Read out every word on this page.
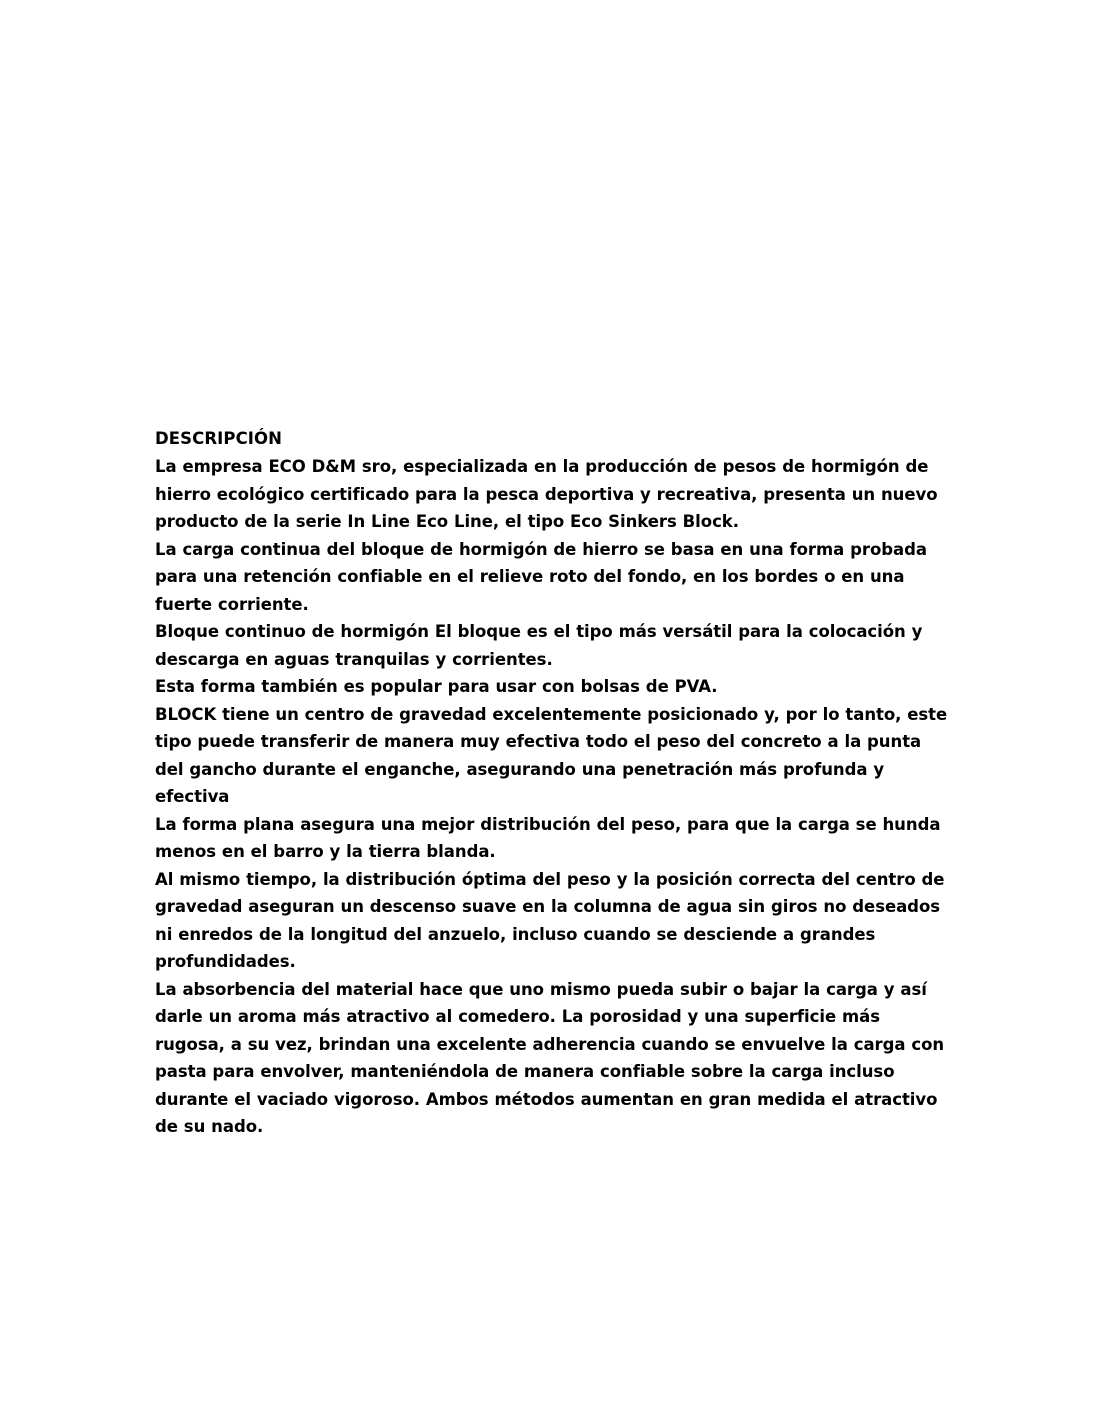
DESCRIPCIÓN

La empresa ECO D&M sro, especializada en la producción de pesos de hormigón de hierro ecológico certificado para la pesca deportiva y recreativa, presenta un nuevo producto de la serie In Line Eco Line, el tipo Eco Sinkers Block.

La carga continua del bloque de hormigón de hierro se basa en una forma probada para una retención confiable en el relieve roto del fondo, en los bordes o en una fuerte corriente.

Bloque continuo de hormigón El bloque es el tipo más versátil para la colocación y descarga en aguas tranquilas y corrientes.

Esta forma también es popular para usar con bolsas de PVA.

BLOCK tiene un centro de gravedad excelentemente posicionado y, por lo tanto, este tipo puede transferir de manera muy efectiva todo el peso del concreto a la punta del gancho durante el enganche, asegurando una penetración más profunda y efectiva

La forma plana asegura una mejor distribución del peso, para que la carga se hunda menos en el barro y la tierra blanda.

Al mismo tiempo, la distribución óptima del peso y la posición correcta del centro de gravedad aseguran un descenso suave en la columna de agua sin giros no deseados ni enredos de la longitud del anzuelo, incluso cuando se desciende a grandes profundidades.

La absorbencia del material hace que uno mismo pueda subir o bajar la carga y así darle un aroma más atractivo al comedero. La porosidad y una superficie más rugosa, a su vez, brindan una excelente adherencia cuando se envuelve la carga con pasta para envolver, manteniéndola de manera confiable sobre la carga incluso durante el vaciado vigoroso. Ambos métodos aumentan en gran medida el atractivo de su nado.
